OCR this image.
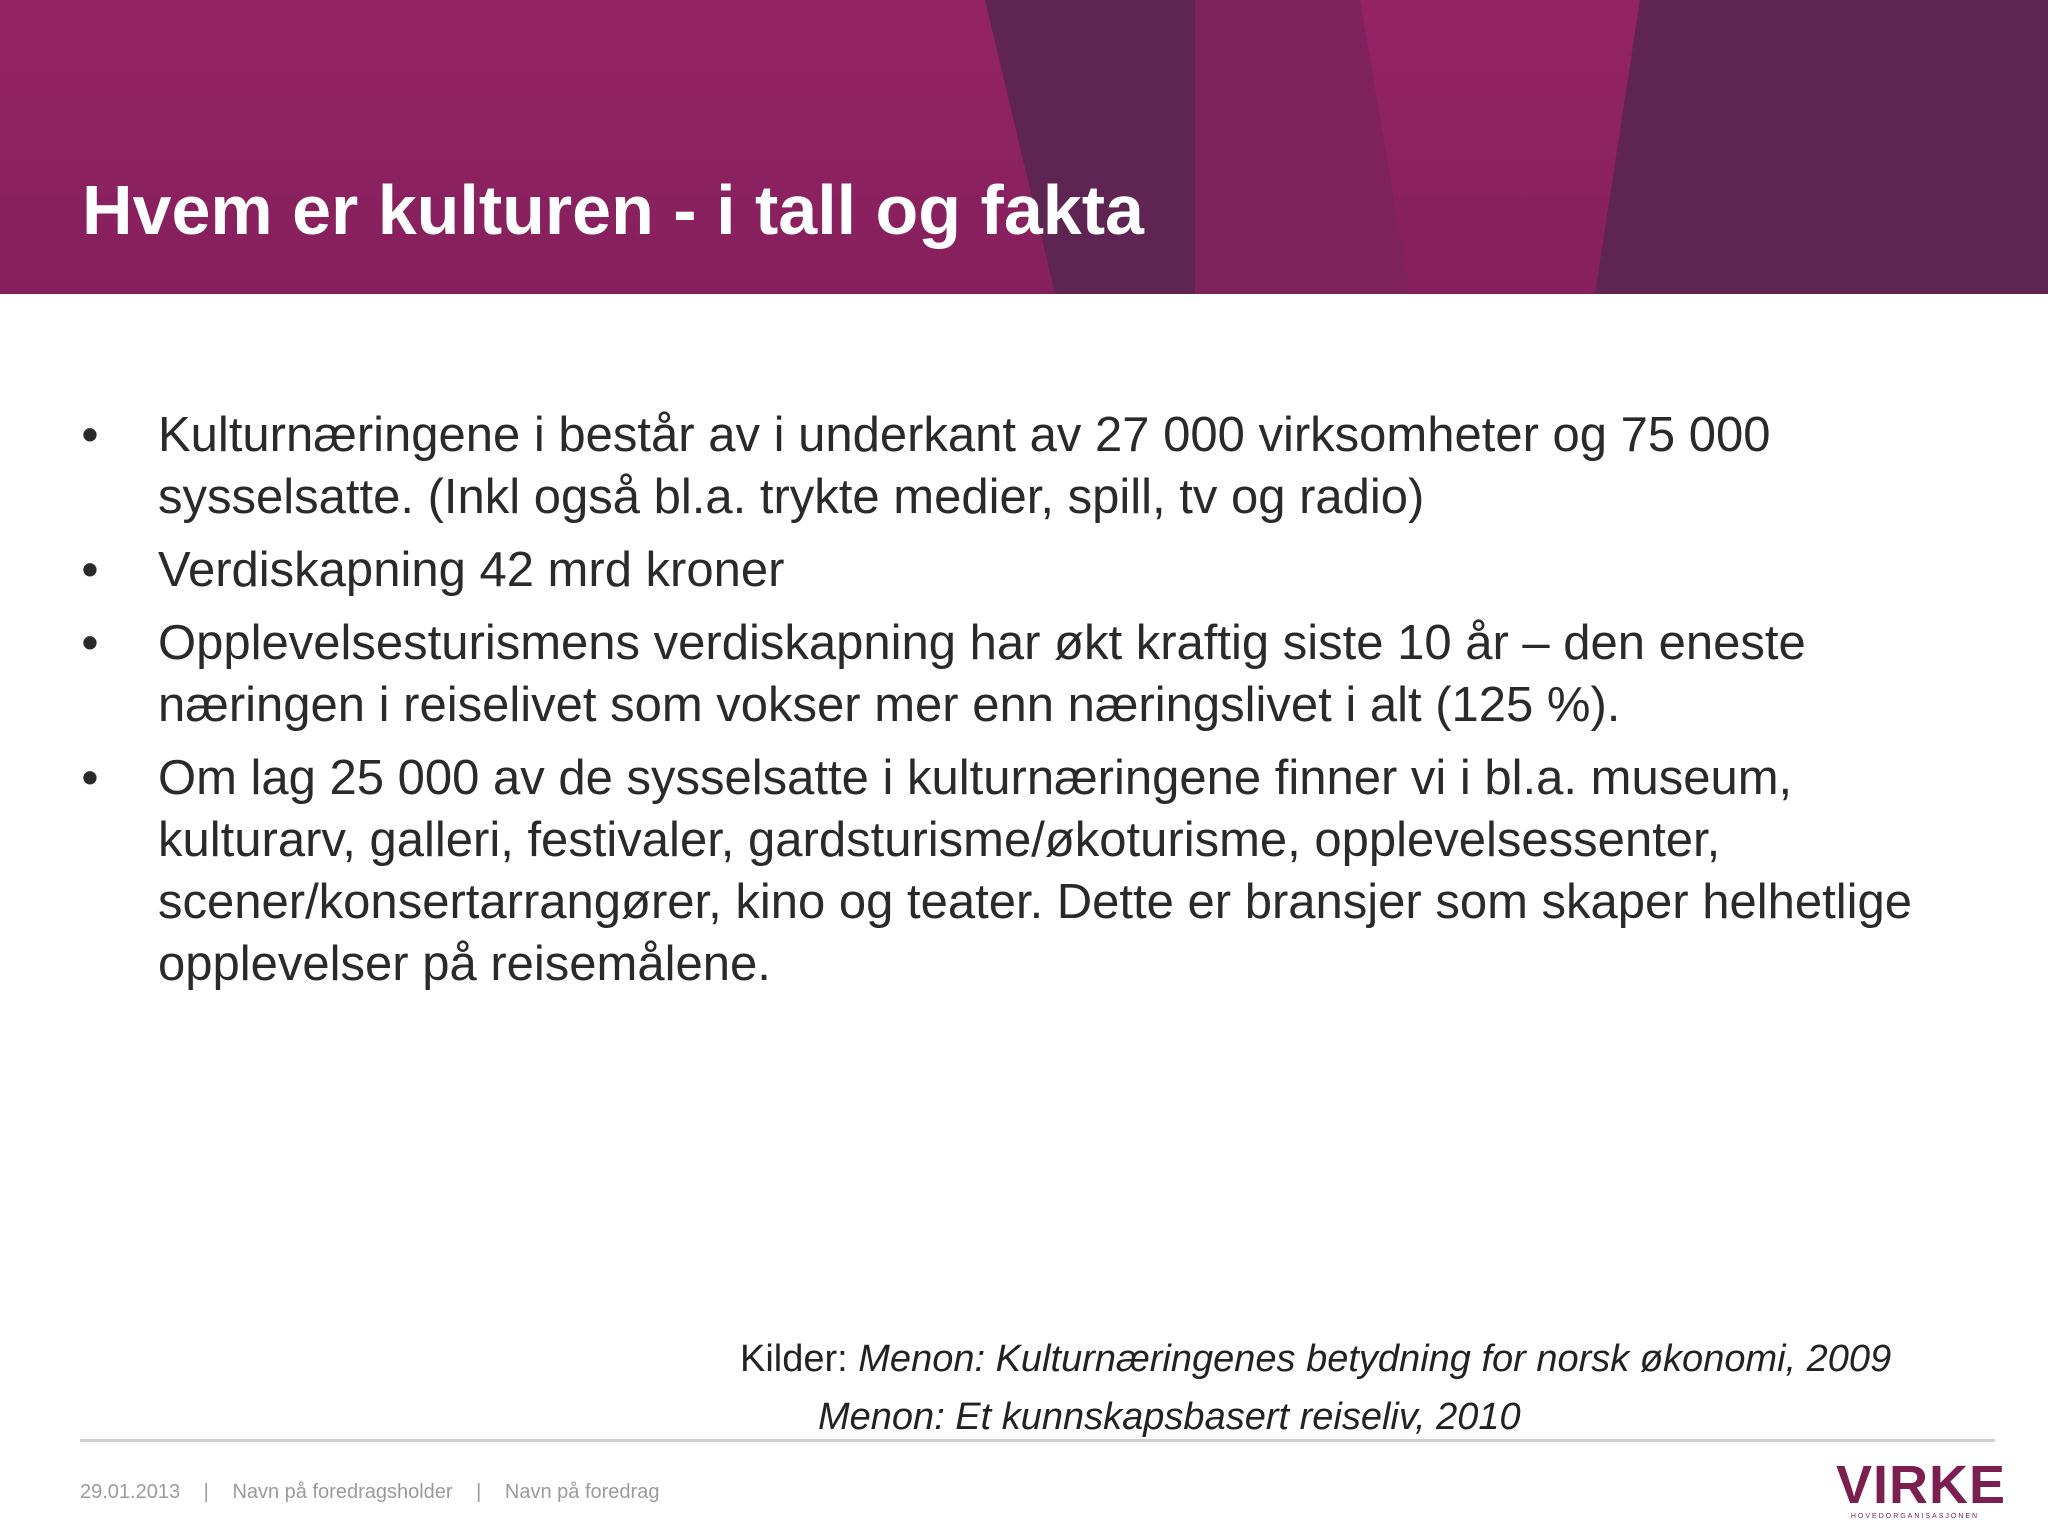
Hvem er kulturen - i tall og fakta
• Kulturnæringene i består av i underkant av 27 000 virksomheter og 75 000 sysselsatte. (Inkl også bl.a. trykte medier, spill, tv og radio)
• Verdiskapning 42 mrd kroner
• Opplevelsesturismens verdiskapning har økt kraftig siste 10 år – den eneste næringen i reiselivet som vokser mer enn næringslivet i alt (125 %).
• Om lag 25 000 av de sysselsatte i kulturnæringene finner vi i bl.a. museum, kulturarv, galleri, festivaler, gardsturisme/økoturisme, opplevelsessenter, scener/konsertarrangører, kino og teater. Dette er bransjer som skaper helhetlige opplevelser på reisemålene.
Kilder: Menon: Kulturnæringenes betydning for norsk økonomi, 2009
Menon: Et kunnskapsbasert reiseliv, 2010
29.01.2013 | Navn på foredragsholder | Navn på foredrag	VIRKE
HOVEDORGANISASJONEN
